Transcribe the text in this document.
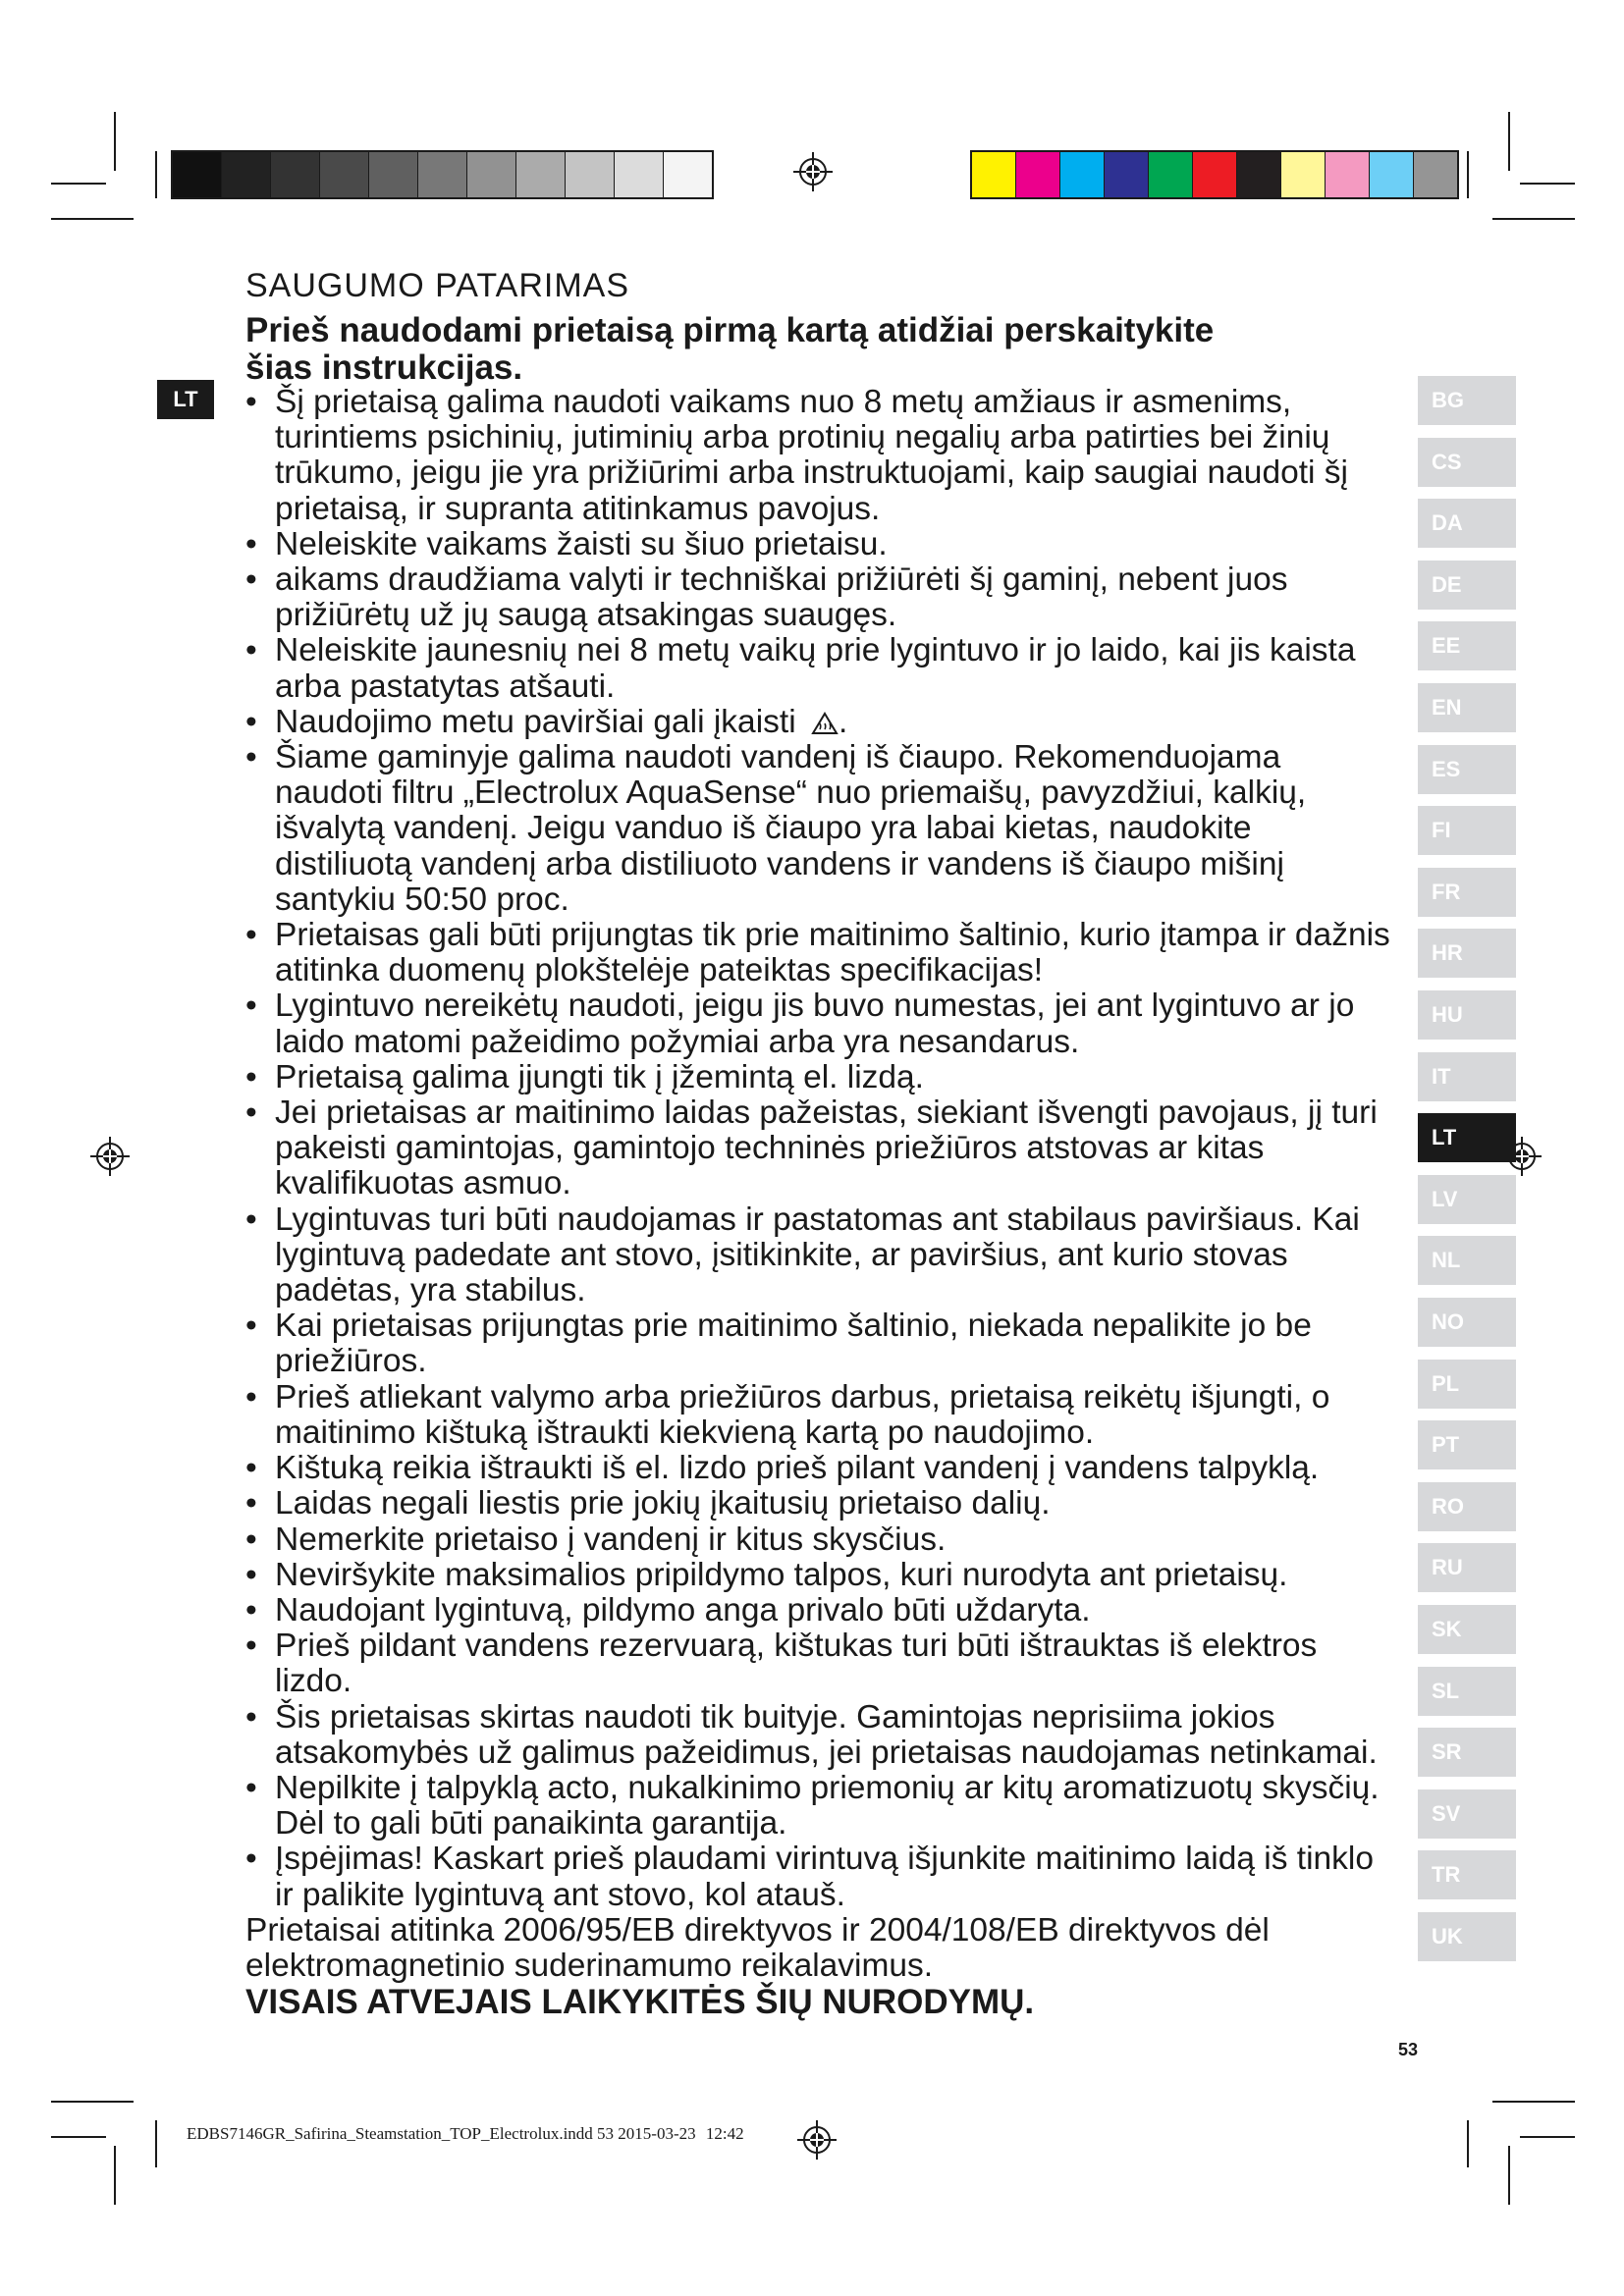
SAUGUMO PATARIMAS
Prieš naudodami prietaisą pirmą kartą atidžiai perskaitykite šias instrukcijas.
LT
•	Šį prietaisą galima naudoti vaikams nuo 8 metų amžiaus ir asmenims, turintiems psichinių, jutiminių arba protinių negalių arba patirties bei žinių trūkumo, jeigu jie yra prižiūrimi arba instruktuojami, kaip saugiai naudoti šį prietaisą, ir supranta atitinkamus pavojus.
• Neleiskite vaikams žaisti su šiuo prietaisu.
• aikams draudžiama valyti ir techniškai prižiūrėti šį gaminį, nebent juos prižiūrėtų už jų saugą atsakingas suaugęs.
• Neleiskite jaunesnių nei 8 metų vaikų prie lygintuvo ir jo laido, kai jis kaista arba pastatytas atšauti.
• Naudojimo metu paviršiai gali įkaisti .
• Šiame gaminyje galima naudoti vandenį iš čiaupo. Rekomenduojama naudoti filtru „Electrolux AquaSense“ nuo priemaišų, pavyzdžiui, kalkių, išvalytą vandenį. Jeigu vanduo iš čiaupo yra labai kietas, naudokite distiliuotą vandenį arba distiliuoto vandens ir vandens iš čiaupo mišinį santykiu 50:50 proc.
• Prietaisas gali būti prijungtas tik prie maitinimo šaltinio, kurio įtampa ir dažnis atitinka duomenų plokštelėje pateiktas specifikacijas!
• Lygintuvo nereikėtų naudoti, jeigu jis buvo numestas, jei ant lygintuvo ar jo laido matomi pažeidimo požymiai arba yra nesandarus.
• Prietaisą galima įjungti tik į įžemintą el. lizdą.
• Jei prietaisas ar maitinimo laidas pažeistas, siekiant išvengti pavojaus, jį turi pakeisti gamintojas, gamintojo techninės priežiūros atstovas ar kitas kvalifikuotas asmuo.
• Lygintuvas turi būti naudojamas ir pastatomas ant stabilaus paviršiaus. Kai lygintuvą padedate ant stovo, įsitikinkite, ar paviršius, ant kurio stovas padėtas, yra stabilus.
• Kai prietaisas prijungtas prie maitinimo šaltinio, niekada nepalikite jo be priežiūros.
• Prieš atliekant valymo arba priežiūros darbus, prietaisą reikėtų išjungti, o maitinimo kištuką ištraukti kiekvieną kartą po naudojimo.
• Kištuką reikia ištraukti iš el. lizdo prieš pilant vandenį į vandens talpyklą.
• Laidas negali liestis prie jokių įkaitusių prietaiso dalių.
• Nemerkite prietaiso į vandenį ir kitus skysčius.
• Neviršykite maksimalios pripildymo talpos, kuri nurodyta ant prietaisų.
• Naudojant lygintuvą, pildymo anga privalo būti uždaryta.
• Prieš pildant vandens rezervuarą, kištukas turi būti ištrauktas iš elektros lizdo.
• Šis prietaisas skirtas naudoti tik buityje. Gamintojas neprisiima jokios atsakomybės už galimus pažeidimus, jei prietaisas naudojamas netinkamai.
• Nepilkite į talpyklą acto, nukalkinimo priemonių ar kitų aromatizuotų skysčių. Dėl to gali būti panaikinta garantija.
• Įspėjimas! Kaskart prieš plaudami virintuvą išjunkite maitinimo laidą iš tinklo ir palikite lygintuvą ant stovo, kol atauš.

Prietaisai atitinka 2006/95/EB direktyvos ir 2004/108/EB direktyvos dėl elektromagnetinio suderinamumo reikalavimus.

VISAIS ATVEJAIS LAIKYKITĖS ŠIŲ NURODYMŲ.

BG
CS
DA
DE
EE
EN
ES
FI
FR
HR
HU
IT
LT
LV
NL
NO
PL
PT
RO
RU
SK
SL
SR
SV
TR
UK
53
EDBS7146GR_Safirina_Steamstation_TOP_Electrolux.indd 53 2015-03-23 12:42
